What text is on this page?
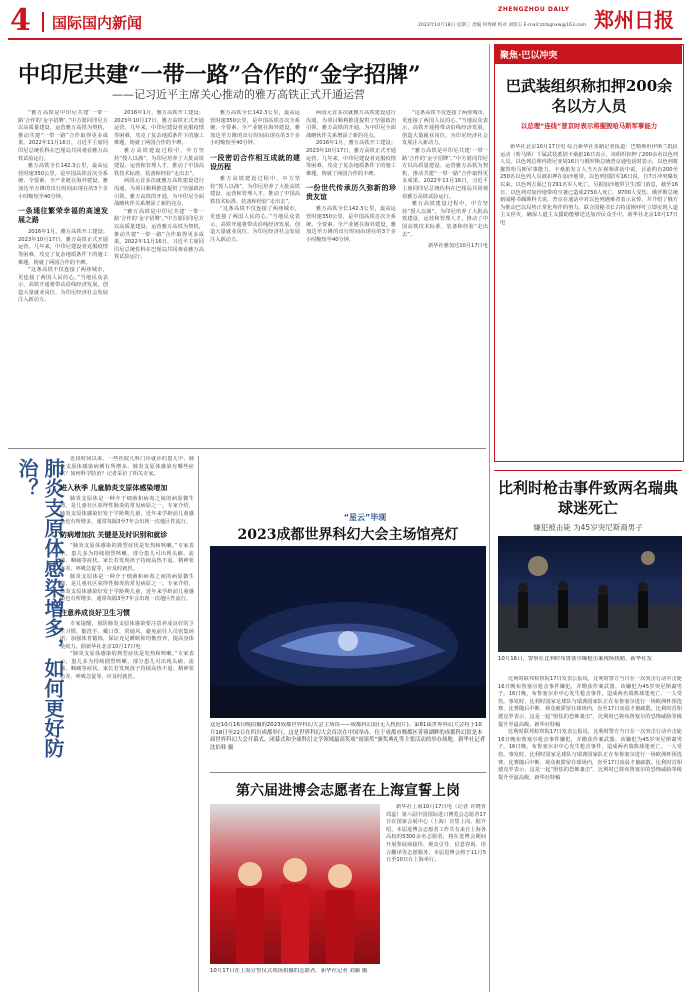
4	国际国内新闻
ZHENGZHOU DAILY 郑州日报
2023年10月18日 星期三 责编 何秀峰 校对 刘瑞玉 E-mail:zzrbgnxw@163.com
中印尼共建“一带一路”合作的“金字招牌”
——记习近平主席关心推动的雅万高铁正式开通运营

“雅万高铁是中印尼共建‘一带一路’合作的‘金字招牌’。”中方愿同印尼方以高质量建设、运营雅万高铁为契机，推动共建“一带一路”合作取得更多成果。2022年11月16日，习近平主席同印尼总统佐科在巴厘岛共同观看雅万高铁试验运行。

雅万高铁全长142.3公里，最高运营时速350公里，是中国高铁首次全系统、全要素、全产业链在海外建设。雅加达至万隆的出行时间由现在的3个多小时缩短至40分钟。

一条通往繁荣幸福的高速发展之路

2016年1月，雅万高铁开工建设；2023年10月17日，雅万高铁正式开通运营。几年来，中印尼建设者克服疫情等困难，攻克了复杂地质条件下的施工难题，铸就了两国合作的丰碑。

“这条高铁不仅连接了两座城市，更连接了两国人民的心。”当地民众表示，高铁开通将带动沿线经济发展，创造大量就业岗位，为印尼经济社会发展注入新动力。

2016年1月，雅万高铁开工建设；2023年10月17日，雅万高铁正式开通运营。几年来，中印尼建设者克服疫情等困难，攻克了复杂地质条件下的施工难题，铸就了两国合作的丰碑。

雅万高铁建设过程中，中方坚持“授人以渔”，为印尼培养了大批高铁建设、运营和管理人才，推动了中国高铁技术标准、装备和经验“走出去”。

两国元首多次就雅万高铁建设进行沟通，为项目顺利推进提供了坚强政治引领。雅万高铁的开通，为中印尼全面战略伙伴关系增添了新的亮点。

“雅万高铁是中印尼共建‘一带一路’合作的‘金字招牌’。”中方愿同印尼方以高质量建设、运营雅万高铁为契机，推动共建“一带一路”合作取得更多成果。2022年11月16日，习近平主席同印尼总统佐科在巴厘岛共同观看雅万高铁试验运行。

雅万高铁全长142.3公里，最高运营时速350公里，是中国高铁首次全系统、全要素、全产业链在海外建设。雅加达至万隆的出行时间由现在的3个多小时缩短至40分钟。

一段密切合作相互成就的建设历程

雅万高铁建设过程中，中方坚持“授人以渔”，为印尼培养了大批高铁建设、运营和管理人才，推动了中国高铁技术标准、装备和经验“走出去”。

“这条高铁不仅连接了两座城市，更连接了两国人民的心。”当地民众表示，高铁开通将带动沿线经济发展，创造大量就业岗位，为印尼经济社会发展注入新动力。

两国元首多次就雅万高铁建设进行沟通，为项目顺利推进提供了坚强政治引领。雅万高铁的开通，为中印尼全面战略伙伴关系增添了新的亮点。

2016年1月，雅万高铁开工建设；2023年10月17日，雅万高铁正式开通运营。几年来，中印尼建设者克服疫情等困难，攻克了复杂地质条件下的施工难题，铸就了两国合作的丰碑。

一份世代传承历久弥新的珍贵友谊

雅万高铁全长142.3公里，最高运营时速350公里，是中国高铁首次全系统、全要素、全产业链在海外建设。雅加达至万隆的出行时间由现在的3个多小时缩短至40分钟。

“这条高铁不仅连接了两座城市，更连接了两国人民的心。”当地民众表示，高铁开通将带动沿线经济发展，创造大量就业岗位，为印尼经济社会发展注入新动力。

“雅万高铁是中印尼共建‘一带一路’合作的‘金字招牌’。”中方愿同印尼方以高质量建设、运营雅万高铁为契机，推动共建“一带一路”合作取得更多成果。2022年11月16日，习近平主席同印尼总统佐科在巴厘岛共同观看雅万高铁试验运行。

雅万高铁建设过程中，中方坚持“授人以渔”，为印尼培养了大批高铁建设、运营和管理人才，推动了中国高铁技术标准、装备和经验“走出去”。

新华社雅加达10月17日电
聚焦·巴以冲突
巴武装组织称扣押200余名以方人员
以总理“连线”普京时表示将摧毁哈马斯军事能力

新华社北京10月17日电 综合新华社多路记者报道：巴勒斯坦伊斯兰抵抗运动（哈马斯）下属武装派别卡桑旅16日表示，该组织扣押了200余名以色列人员。以色列总理内塔尼亚胡16日与俄罗斯总统普京通电话时表示，以色列将摧毁哈马斯军事能力。卡桑旅发言人当天在视频讲话中说，目前约有200至250名以色列人员被扣押在加沙地带。以色列国防军16日说，自7日冲突爆发以来，以色列方面已有291名军人死亡。另据加沙地带卫生部门消息，截至16日，以色列对加沙地带的空袭已造成2750人死亡、9700人受伤。俄罗斯总统新闻秘书佩斯科夫说，普京在通话中对以色列遇难者表示哀悼，并介绍了俄方为推动巴以局势正常化所作的努力。联合国秘书长古特雷斯呼吁立即实现人道主义停火，确保人道主义援助能够送达加沙民众手中。新华社北京10月17日电

比利时枪击事件致两名瑞典球迷死亡
嫌犯被击毙 为45岁突尼斯裔男子
10月16日，警察在比利时布鲁塞尔爆枪击案现场执勤。新华社发

比利时联邦检察院17日发表公报说，比利时警方当日在一次突击行动中击毙16日晚布鲁塞尔枪击事件嫌犯，并缴获作案武器。该嫌犯为45岁突尼斯裔男子。16日晚，布鲁塞尔市中心发生枪击事件，造成两名瑞典球迷死亡、一人受伤。事发时，比利时国家足球队与瑞典国家队正在布鲁塞尔进行一场欧洲杯预选赛。比赛随后中断，观众被滞留在球场内，直至17日凌晨才被疏散。比利时首相德克罗表示，这是一起“胆怯的恐怖袭击”，比利时已将布鲁塞尔的恐怖威胁等级提升至最高级。新华社特稿

比利时联邦检察院17日发表公报说，比利时警方当日在一次突击行动中击毙16日晚布鲁塞尔枪击事件嫌犯，并缴获作案武器。该嫌犯为45岁突尼斯裔男子。16日晚，布鲁塞尔市中心发生枪击事件，造成两名瑞典球迷死亡、一人受伤。事发时，比利时国家足球队与瑞典国家队正在布鲁塞尔进行一场欧洲杯预选赛。比赛随后中断，观众被滞留在球场内，直至17日凌晨才被疏散。比利时首相德克罗表示，这是一起“胆怯的恐怖袭击”，比利时已将布鲁塞尔的恐怖威胁等级提升至最高级。新华社特稿

肺炎支原体感染增多，如何更好防治？	近段时间以来，一些医院儿科门诊就诊的患儿中，肺炎支原体感染病例有所增多。肺炎支原体感染有哪些症状？如何科学防治？记者采访了相关专家。

进入秋季 儿童肺炎支原体感染增加

肺炎支原体是一种介于细菌和病毒之间的病原微生物，是儿童社区获得性肺炎的常见病原之一。专家介绍，肺炎支原体感染好发于学龄期儿童，近年来学龄前儿童感染也有所增多，通常每隔3至7年会出现一次地区性流行。

防病增加抗 关键是及时识别和就诊

“肺炎支原体感染的典型症状是发热和咳嗽。”专家表示，患儿多为持续剧烈咳嗽，部分患儿可出现头痛、流涕、咽痛等症状。家长若发现孩子持续高热不退、精神状态差、呼吸急促等，应及时就医。

肺炎支原体是一种介于细菌和病毒之间的病原微生物，是儿童社区获得性肺炎的常见病原之一。专家介绍，肺炎支原体感染好发于学龄期儿童，近年来学龄前儿童感染也有所增多，通常每隔3至7年会出现一次地区性流行。

注意养成良好卫生习惯

专家提醒，预防肺炎支原体感染要注意养成良好的卫生习惯，勤洗手、戴口罩、常通风，避免前往人员密集场所；加强体育锻炼，保证充足睡眠和均衡营养，提高身体免疫力。据新华社北京10月17日电

“肺炎支原体感染的典型症状是发热和咳嗽。”专家表示，患儿多为持续剧烈咳嗽，部分患儿可出现头痛、流涕、咽痛等症状。家长若发现孩子持续高热不退、精神状态差、呼吸急促等，应及时就医。

“星云”毕现
2023成都世界科幻大会主场馆亮灯
这是10月16日晚拍摄的2023成都世界科幻大会主场馆——成都科幻馆(无人机照片)。第81届世界科幻大会将于10月18日至22日在四川成都举行，这是世界科幻大会首次在中国举办。位于成都市郫都区菁蓉湖畔的成都科幻馆是本届世界科幻大会开幕式、闭幕式和全球科幻文学领域最高奖项“雨果奖”颁奖典礼等主要活动的举办场地。新华社记者 沈伯韩 摄
第六届进博会志愿者在上海宣誓上岗
10月17日在上海宣誓仪式现场拍摄的志愿者。新华社记者 刘颖 摄

新华社上海10月17日电（记者 许晓青 周蕊）第六届中国国际进口博览会志愿者17日在国家会展中心（上海）宣誓上岗。据介绍，本届进博会志愿者工作共有来自上海各高校的5300余名志愿者，将在进博会期间开展参展商接待、观众引导、信息咨询、语言翻译等志愿服务。本届进博会将于11月5日至10日在上海举行。
